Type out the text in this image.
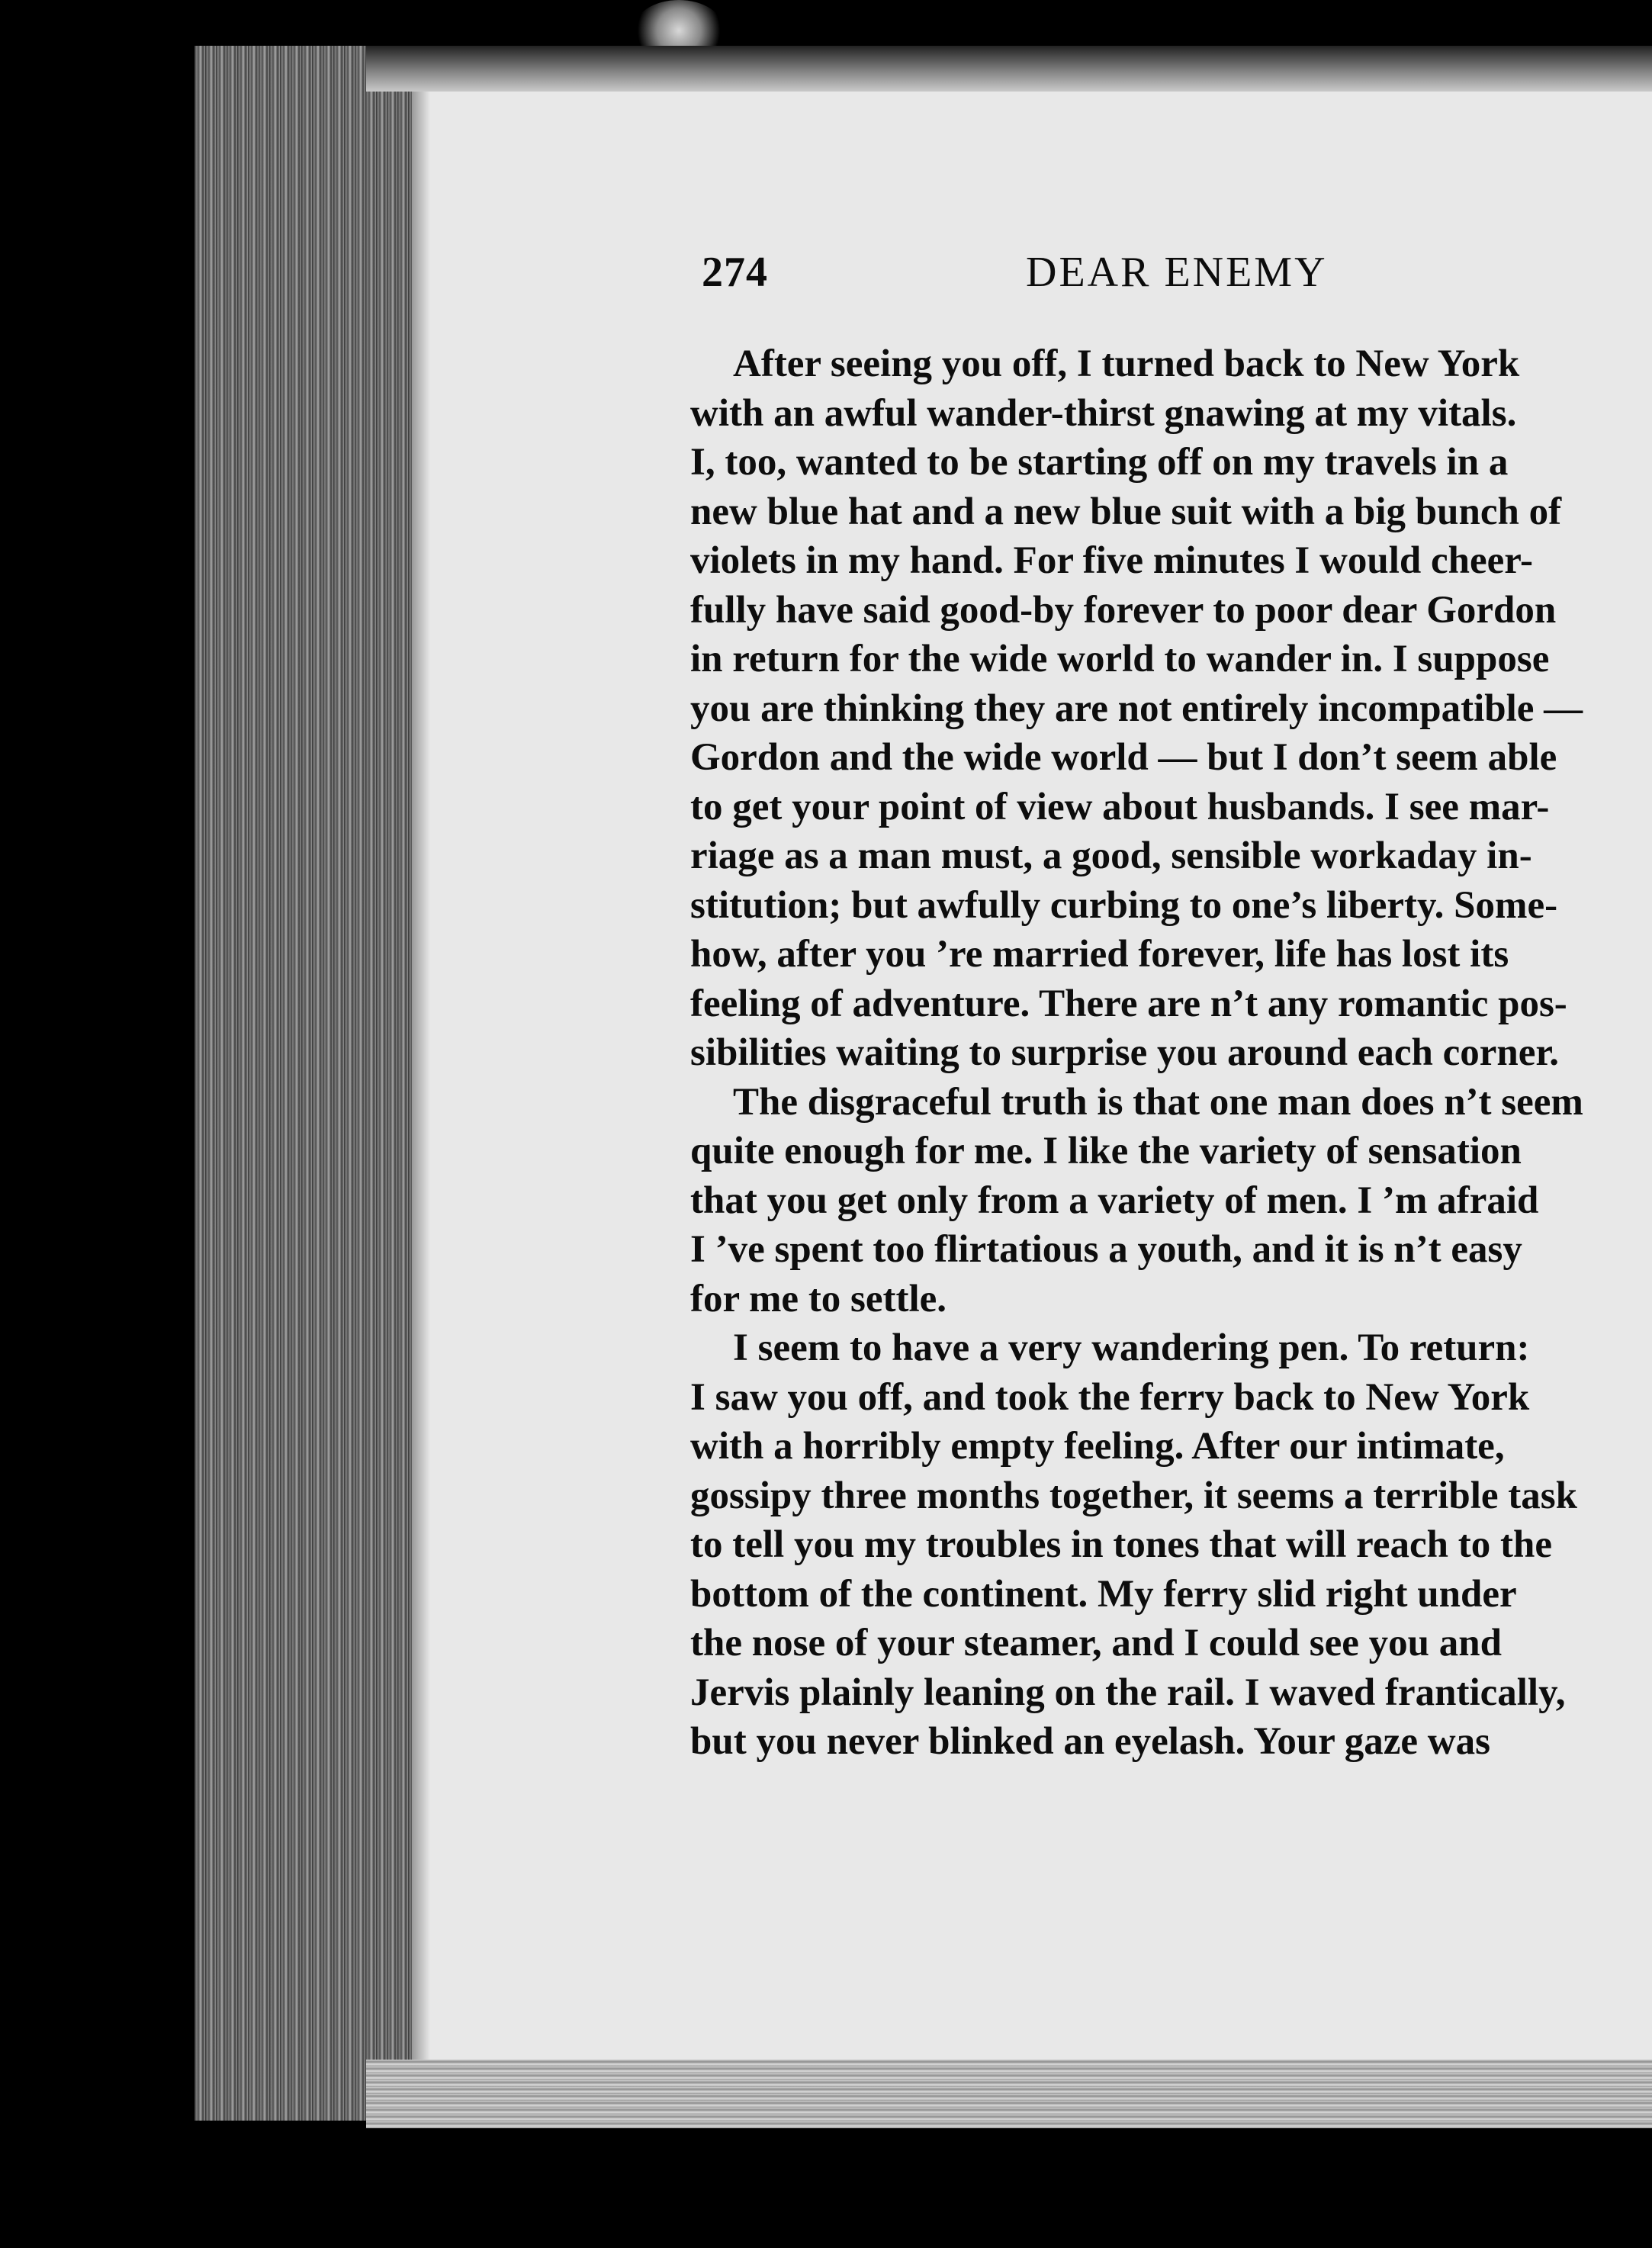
274	DEAR ENEMY
After seeing you off, I turned back to New York
with an awful wander-thirst gnawing at my vitals.
I, too, wanted to be starting off on my travels in a
new blue hat and a new blue suit with a big bunch of
violets in my hand. For five minutes I would cheer-
fully have said good-by forever to poor dear Gordon
in return for the wide world to wander in. I suppose
you are thinking they are not entirely incompatible —
Gordon and the wide world — but I don’t seem able
to get your point of view about husbands. I see mar-
riage as a man must, a good, sensible workaday in-
stitution; but awfully curbing to one’s liberty. Some-
how, after you ’re married forever, life has lost its
feeling of adventure. There are n’t any romantic pos-
sibilities waiting to surprise you around each corner.
The disgraceful truth is that one man does n’t seem
quite enough for me. I like the variety of sensation
that you get only from a variety of men. I ’m afraid
I ’ve spent too flirtatious a youth, and it is n’t easy
for me to settle.
I seem to have a very wandering pen. To return:
I saw you off, and took the ferry back to New York
with a horribly empty feeling. After our intimate,
gossipy three months together, it seems a terrible task
to tell you my troubles in tones that will reach to the
bottom of the continent. My ferry slid right under
the nose of your steamer, and I could see you and
Jervis plainly leaning on the rail. I waved frantically,
but you never blinked an eyelash. Your gaze was
